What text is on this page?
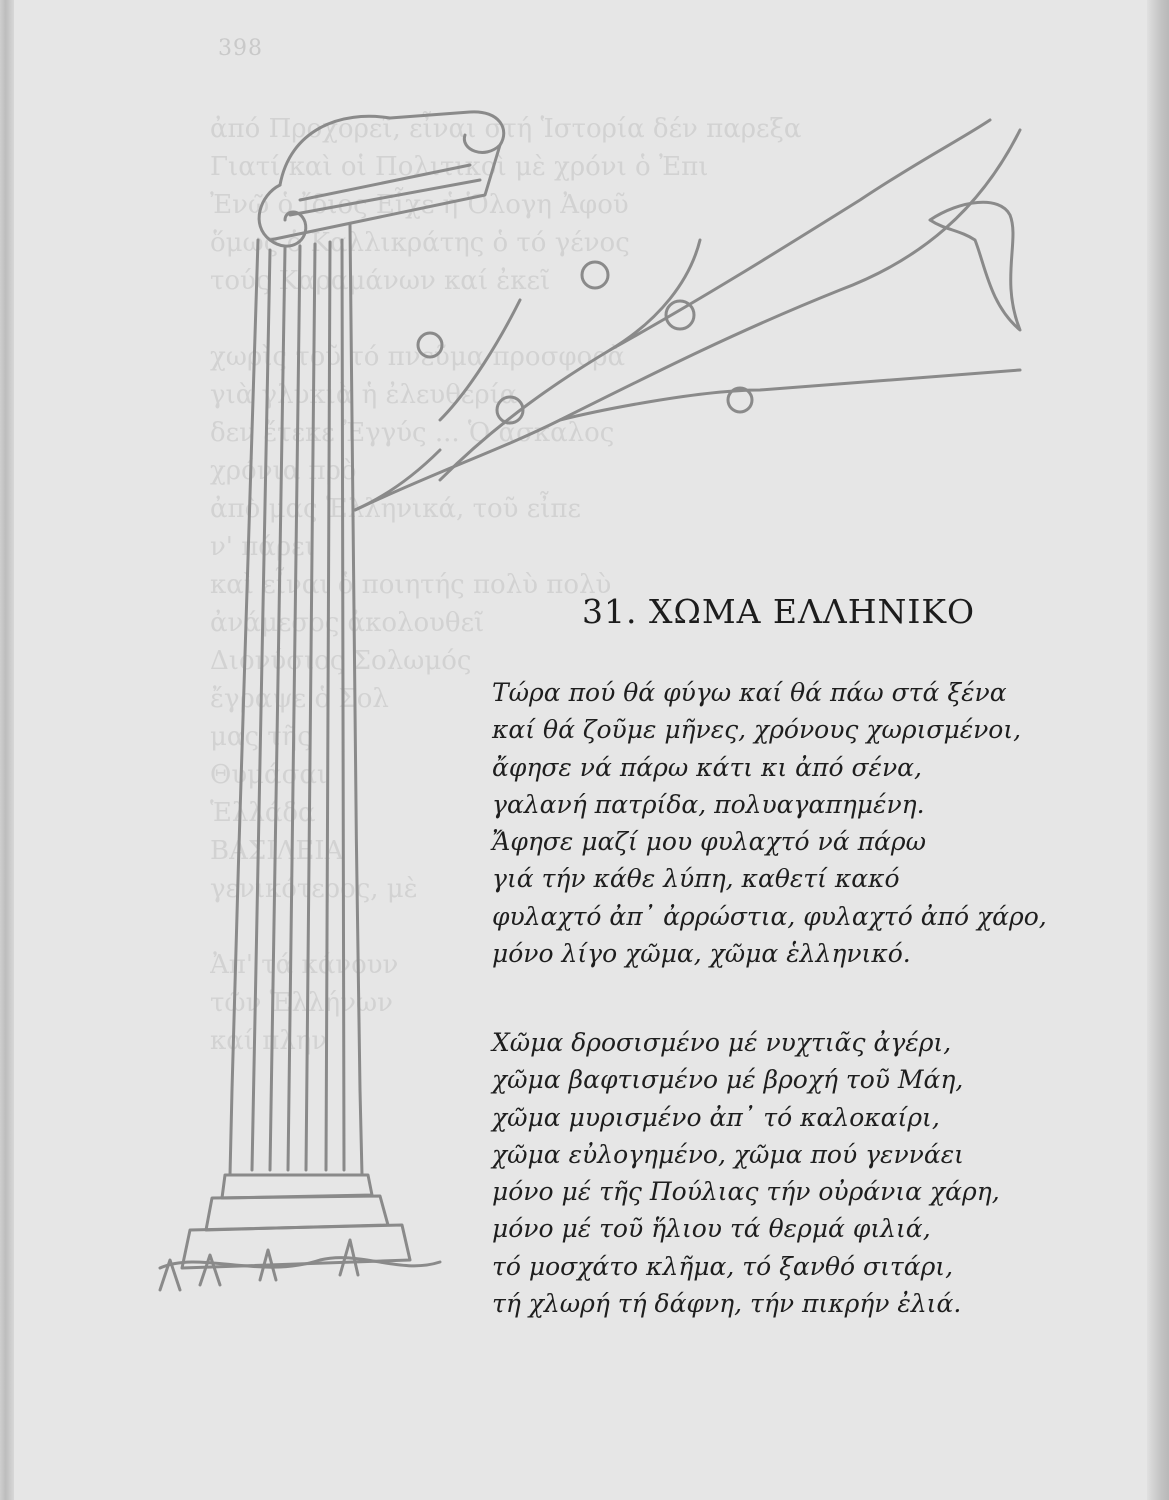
398
ἀπό Προχορεῖ, εἶναι στή Ἱστορία δέν παρεξα
Γιατί καὶ οἱ Πολιτικοὶ μὲ χρόνι ὁ Ἐπι
Ἐνῶ ὁ ἴδιος Εἶχε ἡ Ὁλογη Ἀφοῦ
ὅμως ὁ Καλλικράτης ὁ τό γένος
τούς Καραμάνων καί ἐκεῖ
χωρὶς τοῦ τό πνεῦμα προσφορὰ
γιὰ γλυκιὰ ἡ ἐλευθερία
δεν ἔτεκε Ἐγγύς ... Ὁ ἄσκαλος
χρόνια πρὸ
ἀπὸ μας Ἑλληνικά, τοῦ εἶπε
ν' πάρει
καὶ εἶναι ὁ ποιητής πολὺ πολὺ
ἀνάμεσος ἀκολουθεῖ
Διονύσιος Σολωμός
ἔγραψε ὁ Σολ
μας τῆς
Θυμάσαι
Ἑλλάδα
ΒΑΣΙΛΕΙΑ
γενικότερος, μὲ
Ἀπ' τά κάνουν
τῶν Ἑλλήνων
καί πλην
31. ΧΩΜΑ ΕΛΛΗΝΙΚΟ
Τώρα πού θά φύγω καί θά πάω στά ξένα
καί θά ζοῦμε μῆνες, χρόνους χωρισμένοι,
ἄφησε νά πάρω κάτι κι ἀπό σένα,
γαλανή πατρίδα, πολυαγαπημένη.
Ἄφησε μαζί μου φυλαχτό νά πάρω
γιά τήν κάθε λύπη, καθετί κακό
φυλαχτό ἀπ᾽ ἀρρώστια, φυλαχτό ἀπό χάρο,
μόνο λίγο χῶμα, χῶμα ἑλληνικό.
Χῶμα δροσισμένο μέ νυχτιᾶς ἀγέρι,
χῶμα βαφτισμένο μέ βροχή τοῦ Μάη,
χῶμα μυρισμένο ἀπ᾽ τό καλοκαίρι,
χῶμα εὐλογημένο, χῶμα πού γεννάει
μόνο μέ τῆς Πούλιας τήν οὐράνια χάρη,
μόνο μέ τοῦ ἥλιου τά θερμά φιλιά,
τό μοσχάτο κλῆμα, τό ξανθό σιτάρι,
τή χλωρή τή δάφνη, τήν πικρήν ἐλιά.
